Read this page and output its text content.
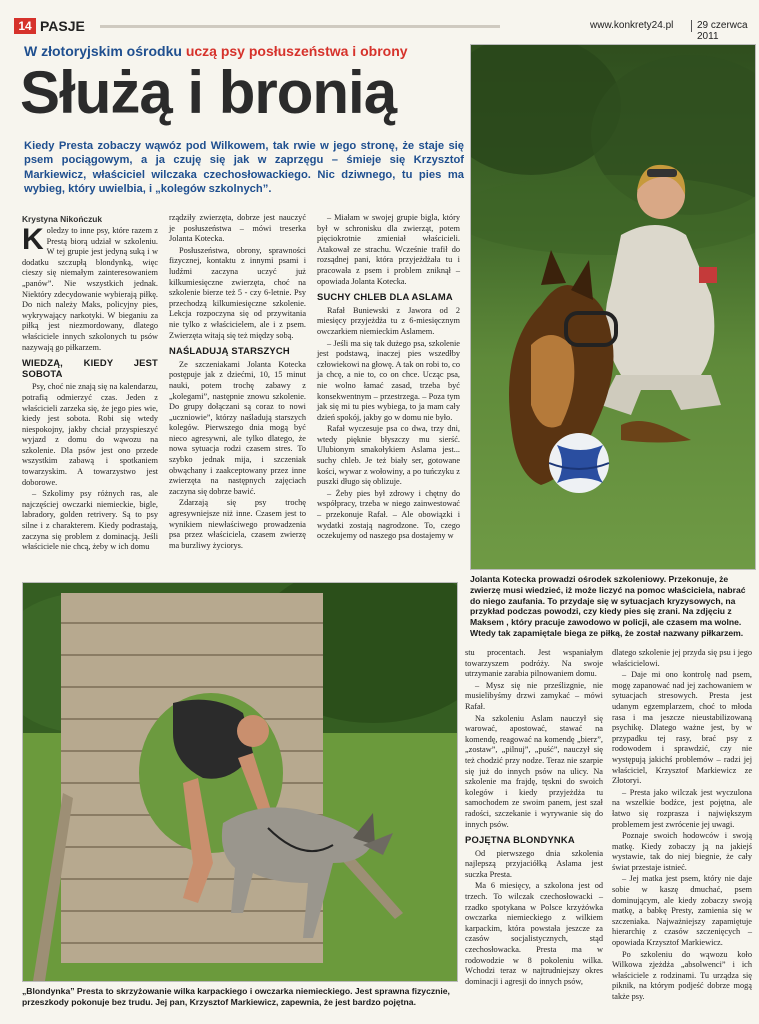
14 PASJE	www.konkrety24.pl 29 czerwca 2011
W złotoryjskim ośrodku uczą psy posłuszeństwa i obrony
Służą i bronią
Kiedy Presta zobaczy wąwóz pod Wilkowem, tak rwie w jego stronę, że staje się psem pociągowym, a ja czuję się jak w zaprzęgu – śmieje się Krzysztof Markiewicz, właściciel wilczaka czechosłowackiego. Nic dziwnego, tu pies ma wybieg, który uwielbia, i „kolegów szkolnych”.
Krystyna Nikończuk
K oledzy to inne psy, które razem z Prestą biorą udział w szkoleniu. W tej grupie jest jedyną suką i w dodatku szczupłą blondynką, więc cieszy się niemałym zainteresowaniem „panów”. Nie wszystkich jednak. Niektóry zdecydowanie wybierają piłkę. Do nich należy Maks, policyjny pies, wykrywający narkotyki. W bieganiu za piłką jest niezmordowany, dlatego właściciele innych szkolonych tu psów nazywają go piłkarzem.
WIEDZĄ, KIEDY JEST SOBOTA

Psy, choć nie znają się na kalendarzu, potrafią odmierzyć czas. Jeden z właścicieli zarzeka się, że jego pies wie, kiedy jest sobota. Robi się wtedy niespokojny, jakby chciał przyspieszyć wyjazd z domu do wąwozu na szkolenie. Dla psów jest ono przede wszystkim zabawą i spotkaniem towarzyskim. A towarzystwo jest doborowe.

– Szkolimy psy różnych ras, ale najczęściej owczarki niemieckie, biglе, labradory, golden retrivery. Są to psy silne i z charakterem. Kiedy podrastają, zaczyna się problem z dominacją. Jeśli właściciele nie chcą, żeby w ich domu

rządziły zwierzęta, dobrze jest nauczyć je posłuszeństwa – mówi treserka Jolanta Kotecka.

Posłuszeństwa, obrony, sprawności fizycznej, kontaktu z innymi psami i ludźmi zaczyna uczyć już kilkumiesięczne zwierzęta, choć na szkolenie bierze też 5 - czy 6-letnie. Psy przechodzą kilkumiesięczne szkolenie. Lekcja rozpoczyna się od przywitania nie tylko z właścicielem, ale i z psem. Zwierzęta witają się też między sobą.

NAŚLADUJĄ STARSZYCH

Ze szczeniakami Jolanta Kotecka postępuje jak z dziećmi, 10, 15 minut nauki, potem trochę zabawy z „kolegami”, następnie znowu szkolenie. Do grupy dołączani są coraz to nowi „uczniowie”, którzy naśladują starszych kolegów. Pierwszego dnia mogą być nieco agresywni, ale tylko dlatego, że nowa sytuacja rodzi czasem stres. To szybko jednak mija, i szczeniak obwąchany i zaakceptowany przez inne zwierzęta na następnych zajęciach zaczyna się dobrze bawić.

Zdarzają się psy trochę agresywniejsze niż inne. Czasem jest to wynikiem niewłaściwego prowadzenia psa przez właściciela, czasem zwierzę ma burzliwy życiorys.

– Miałam w swojej grupie biglа, który był w schronisku dla zwierząt, potem pięciokrotnie zmieniał właścicieli. Atakował ze strachu. Wcześnie trafił do rozsądnej pani, która przyjeżdżała tu i pracowała z psem i problem zniknął – opowiada Jolanta Kotecka.

SUCHY CHLEB DLA ASLAMA

Rafał Buniewski z Jawora od 2 miesięcy przyjeżdża tu z 6-miesięcznym owczarkiem niemieckim Aslamem.

– Jeśli ma się tak dużego psa, szkolenie jest podstawą, inaczej pies wszedłby człowiekowi na głowę. A tak on robi to, co ja chcę, a nie to, co on chce. Ucząc psa, nie wolno łamać zasad, trzeba być konsekwentnym – przestrzega. – Poza tym jak się mi tu pies wybiega, to ja mam cały dzień spokój, jakby go w domu nie było.

Rafał wyczesuje psa co dwa, trzy dni, wtedy pięknie błyszczy mu sierść. Ulubionym smakołykiem Aslama jest... suchy chleb. Je też biały ser, gotowane kości, wywar z wołowiny, a po tuńczyku z puszki długo się oblizuje.

– Żeby pies był zdrowy i chętny do współpracy, trzeba w niego zainwestować – przekonuje Rafał. – Ale obowiązki i wydatki zostają nagrodzone. To, czego oczekujemy od naszego psa dostajemy w

Jolanta Kotecka prowadzi ośrodek szkoleniowy. Przekonuje, że zwierzę musi wiedzieć, iż może liczyć na pomoc właściciela, nabrać do niego zaufania. To przydaje się w sytuacjach kryzysowych, na przykład podczas powodzi, czy kiedy pies się zrani. Na zdjęciu z Maksem , który pracuje zawodowo w policji, ale czasem ma wolne. Wtedy tak zapamiętale biega ze piłką, że został nazwany piłkarzem.
„Blondynka” Presta to skrzyżowanie wilka karpackiego i owczarka niemieckiego. Jest sprawna fizycznie, przeszkody pokonuje bez trudu. Jej pan, Krzysztof Markiewicz, zapewnia, że jest bardzo pojętna.

stu procentach. Jest wspaniałym towarzyszem podróży. Na swoje utrzymanie zarabia pilnowaniem domu.

– Mysz się nie prześlizgnie, nie musielibyśmy drzwi zamykać – mówi Rafał.

Na szkoleniu Aslam nauczył się warować, apostować, stawać na komendę, reagować na komendę „bierz”, „zostaw”, „pilnuj”, „puść”, nauczył się też chodzić przy nodze. Teraz nie szarpie się już do innych psów na ulicy. Na szkolenie ma frajdę, tęskni do swoich kolegów i kiedy przyjeżdża tu samochodem ze swoim panem, jest szał radości, szczekanie i wyrywanie się do innych psów.

POJĘTNA BLONDYNKA

Od pierwszego dnia szkolenia najlepszą przyjaciółką Aslama jest suczka Presta.

Ma 6 miesięcy, a szkolona jest od trzech. To wilczak czechosłowacki – rzadko spotykana w Polsce krzyżówka owczarka niemieckiego z wilkiem karpackim, która powstała jeszcze za czasów socjalistycznych, stąd czechosłowacka. Presta ma w rodowodzie w 8 pokoleniu wilka. Wchodzi teraz w najtrudniejszy okres dominacji i agresji do innych psów,

dlatego szkolenie jej przyda się psu i jego właścicielowi.

– Daje mi ono kontrolę nad psem, mogę zapanować nad jej zachowaniem w sytuacjach stresowych. Presta jest udanym egzemplarzem, choć to młoda rasa i ma jeszcze nieustabilizowaną psychikę. Dlatego ważne jest, by w przypadku tej rasy, brać psy z rodowodem i sprawdzić, czy nie występują jakichś problemów – radzi jej właściciel, Krzysztof Markiewicz ze Złotoryi.

– Presta jako wilczak jest wyczulona na wszelkie bodźce, jest pojętna, ale łatwo się rozprasza i największym problemem jest zwrócenie jej uwagi.

Poznaje swoich hodowców i swoją matkę. Kiedy zobaczy ją na jakiejś wystawie, tak do niej biegnie, że cały świat przestaje istnieć.

– Jej matka jest psem, który nie daje sobie w kaszę dmuchać, psem dominującym, ale kiedy zobaczy swoją matkę, a babkę Presty, zamienia się w szczeniaka. Najważniejszy zapamiętuje hierarchię z czasów szczenięcych – opowiada Krzysztof Markiewicz.

Po szkoleniu do wąwozu koło Wilkowa zjeżdża „absolwenci” i ich właściciele z rodzinami. Tu urządza się piknik, na którym podjeść dobrze mogą także psy.
